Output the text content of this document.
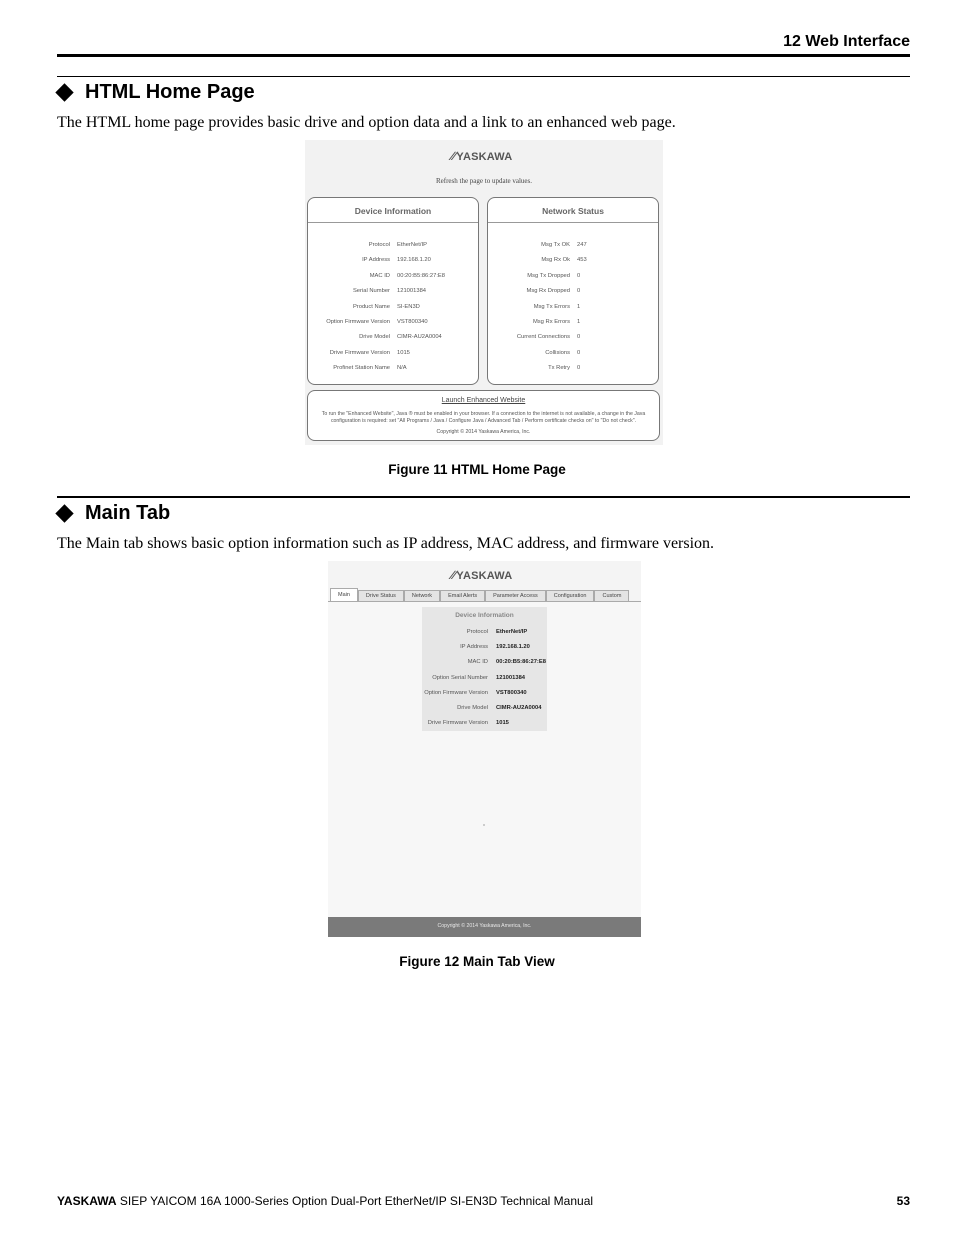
12 Web Interface
HTML Home Page
The HTML home page provides basic drive and option data and a link to an enhanced web page.
∕∕YASKAWA
Refresh the page to update values.
Device Information
Protocol EtherNet/IP
IP Address 192.168.1.20
MAC ID 00:20:B5:86:27:E8
Serial Number 121001384
Product Name SI-EN3D
Option Firmware Version VST800340
Drive Model CIMR-AU2A0004
Drive Firmware Version 1015
Profinet Station Name N/A
Network Status
Msg Tx OK 247
Msg Rx Ok 453
Msg Tx Dropped 0
Msg Rx Dropped 0
Msg Tx Errors 1
Msg Rx Errors 1
Current Connections 0
Collisions 0
Tx Retry 0
Launch Enhanced Website
To run the "Enhanced Website", Java ® must be enabled in your browser. If a connection to the internet is not available, a change in the Java
configuration is required: set "All Programs / Java / Configure Java / Advanced Tab / Perform certificate checks on" to "Do not check".
Copyright © 2014 Yaskawa America, Inc.
Figure 11 HTML Home Page
Main Tab
The Main tab shows basic option information such as IP address, MAC address, and firmware version.
∕∕YASKAWA
Main	Drive Status	Network	Email Alerts	Parameter Access	Configuration	Custom
Device Information
Protocol EtherNet/IP
IP Address 192.168.1.20
MAC ID 00:20:B5:86:27:E8
Option Serial Number 121001384
Option Firmware Version VST800340
Drive Model CIMR-AU2A0004
Drive Firmware Version 1015
Copyright © 2014 Yaskawa America, Inc.
Figure 12 Main Tab View
YASKAWA SIEP YAICOM 16A 1000-Series Option Dual-Port EtherNet/IP SI-EN3D Technical Manual	53
